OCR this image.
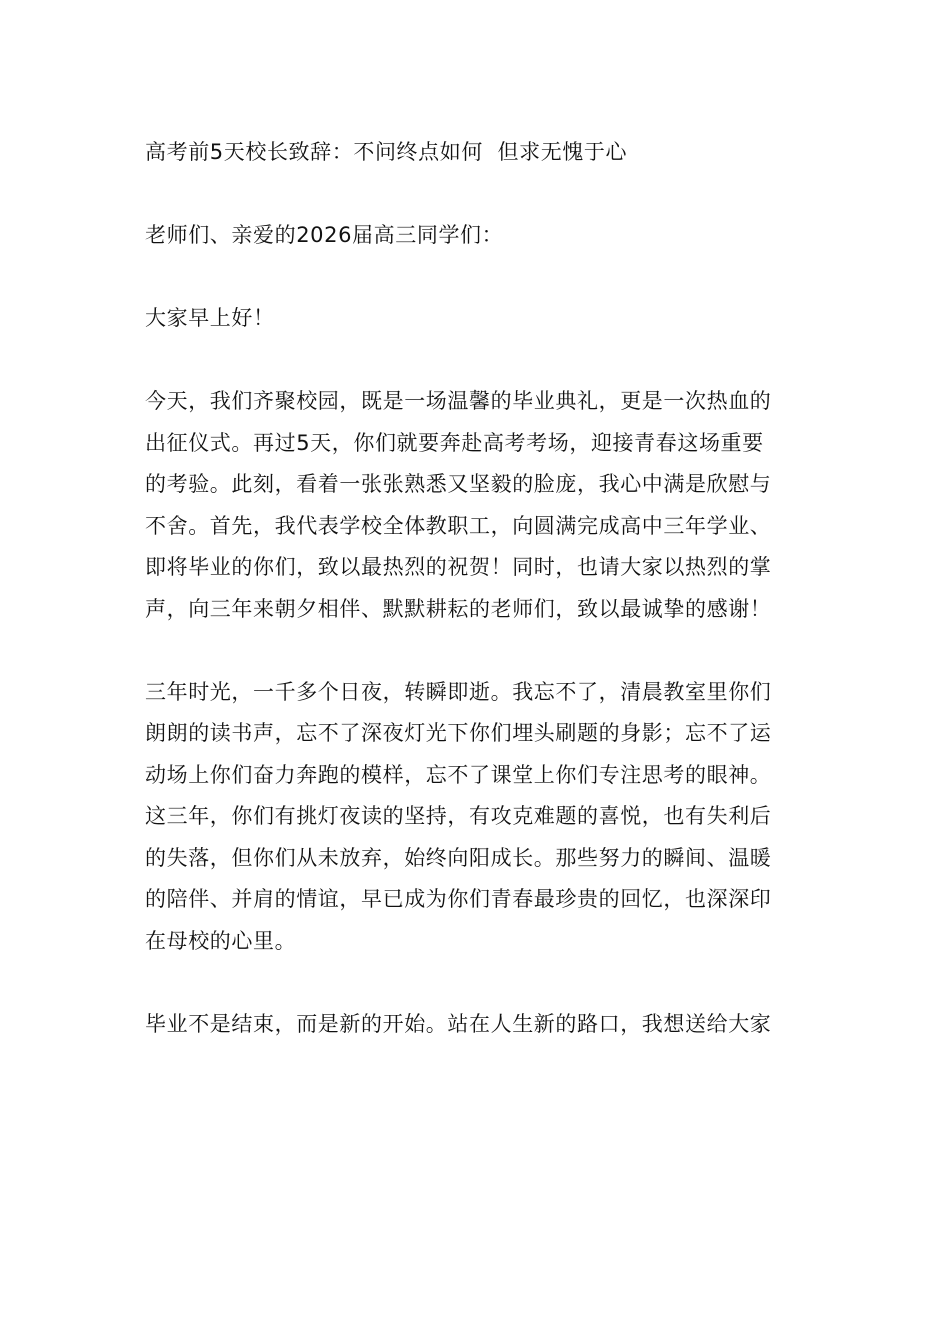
高考前5天校长致辞：不问终点如何  但求无愧于心

老师们、亲爱的2026届高三同学们：

大家早上好！

今天，我们齐聚校园，既是一场温馨的毕业典礼，更是一次热血的
出征仪式。再过5天，你们就要奔赴高考考场，迎接青春这场重要
的考验。此刻，看着一张张熟悉又坚毅的脸庞，我心中满是欣慰与
不舍。首先，我代表学校全体教职工，向圆满完成高中三年学业、
即将毕业的你们，致以最热烈的祝贺！同时，也请大家以热烈的掌
声，向三年来朝夕相伴、默默耕耘的老师们，致以最诚挚的感谢！
三年时光，一千多个日夜，转瞬即逝。我忘不了，清晨教室里你们
朗朗的读书声，忘不了深夜灯光下你们埋头刷题的身影；忘不了运
动场上你们奋力奔跑的模样，忘不了课堂上你们专注思考的眼神。
这三年，你们有挑灯夜读的坚持，有攻克难题的喜悦，也有失利后
的失落，但你们从未放弃，始终向阳成长。那些努力的瞬间、温暖
的陪伴、并肩的情谊，早已成为你们青春最珍贵的回忆，也深深印
在母校的心里。
毕业不是结束，而是新的开始。站在人生新的路口，我想送给大家
